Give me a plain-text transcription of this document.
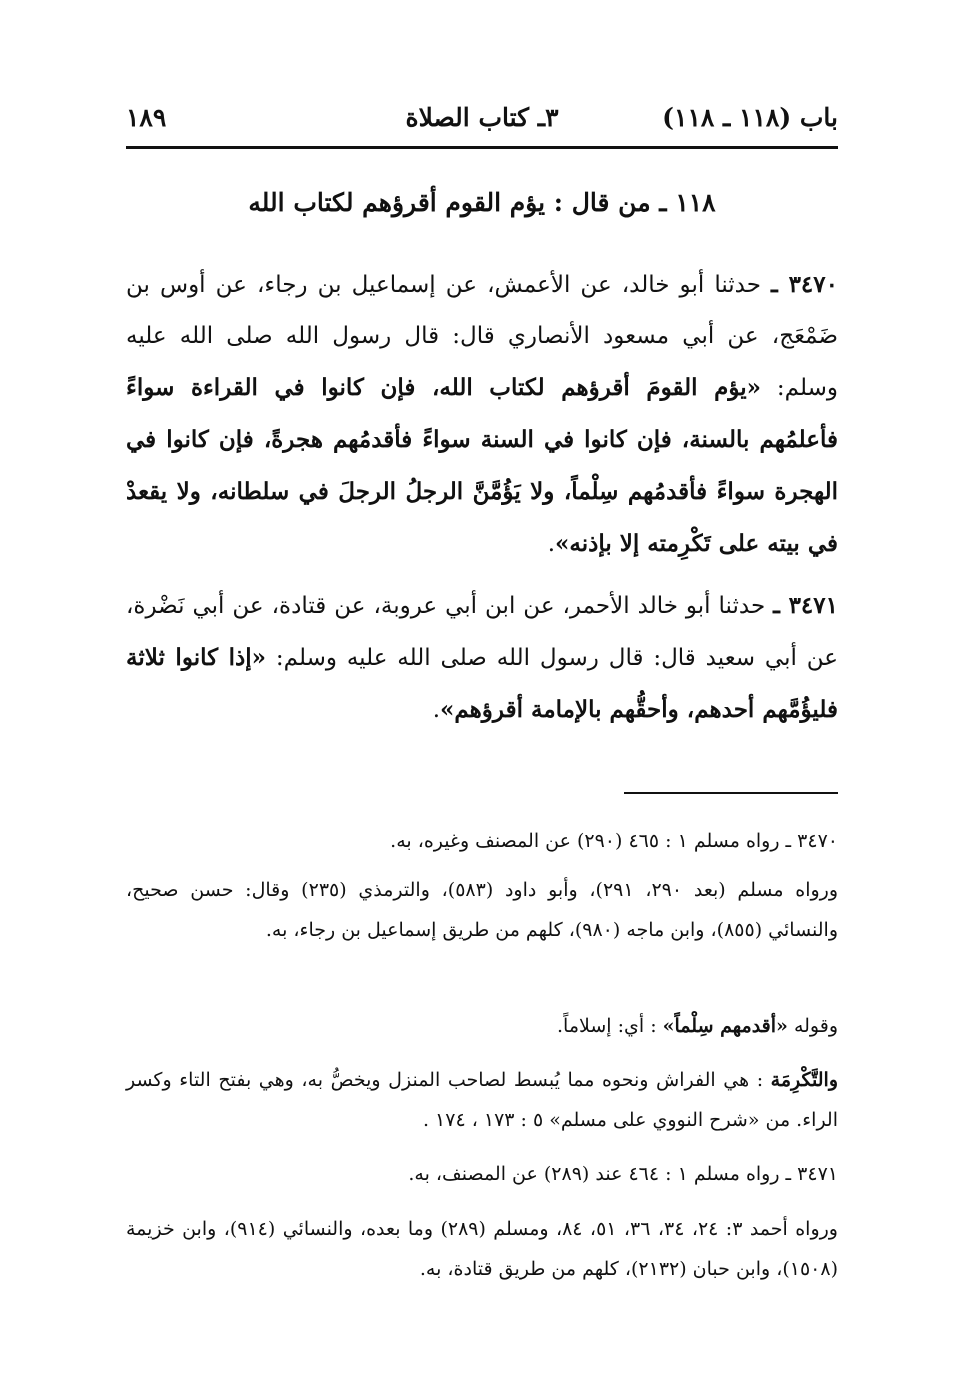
باب (١١٨ ـ ١١٨)
٣ـ كتاب الصلاة
١٨٩
١١٨ ـ من قال : يؤم القوم أقرؤهم لكتاب الله
٣٤٧٠ ـ حدثنا أبو خالد، عن الأعمش، عن إسماعيل بن رجاء، عن أوس بن ضَمْعَج، عن أبي مسعود الأنصاري قال: قال رسول الله صلى الله عليه وسلم: «يؤم القومَ أقرؤهم لكتاب الله، فإن كانوا في القراءة سواءً فأعلمُهم بالسنة، فإن كانوا في السنة سواءً فأقدمُهم هجرةً، فإن كانوا في الهجرة سواءً فأقدمُهم سِلْماً، ولا يَؤُمَّنَّ الرجلُ الرجلَ في سلطانه، ولا يقعدْ في بيته على تَكْرِمته إلا بإذنه».
٣٤٧١ ـ حدثنا أبو خالد الأحمر، عن ابن أبي عروبة، عن قتادة، عن أبي نَضْرة، عن أبي سعيد قال: قال رسول الله صلى الله عليه وسلم: «إذا كانوا ثلاثة فليؤُمَّهم أحدهم، وأحقُّهم بالإمامة أقرؤهم».
٣٤٧٠ ـ رواه مسلم ١ : ٤٦٥ (٢٩٠) عن المصنف وغيره، به.
ورواه مسلم (بعد ٢٩٠، ٢٩١)، وأبو داود (٥٨٣)، والترمذي (٢٣٥) وقال: حسن صحيح، والنسائي (٨٥٥)، وابن ماجه (٩٨٠)، كلهم من طريق إسماعيل بن رجاء، به.
وقوله «أقدمهم سِلْماً» : أي: إسلاماً.
والتَّكْرِمَة : هي الفراش ونحوه مما يُبسط لصاحب المنزل ويخصُّ به، وهي بفتح التاء وكسر الراء. من «شرح النووي على مسلم» ٥ : ١٧٣ ، ١٧٤ .
٣٤٧١ ـ رواه مسلم ١ : ٤٦٤ عند (٢٨٩) عن المصنف، به.
ورواه أحمد ٣: ٢٤، ٣٤، ٣٦، ٥١، ٨٤، ومسلم (٢٨٩) وما بعده، والنسائي (٩١٤)، وابن خزيمة (١٥٠٨)، وابن حبان (٢١٣٢)، كلهم من طريق قتادة، به.
